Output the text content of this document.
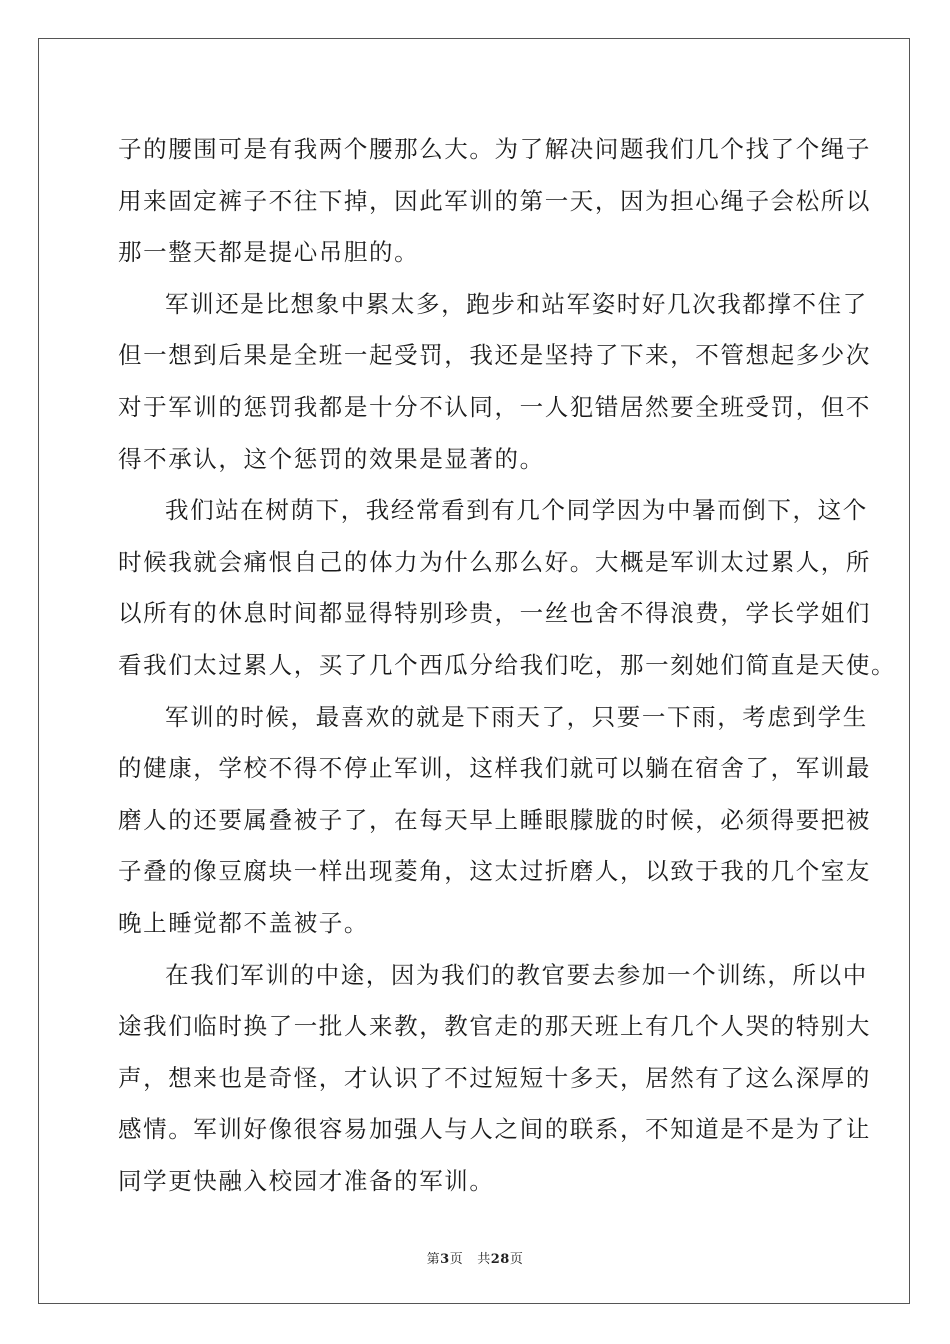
子的腰围可是有我两个腰那么大。为了解决问题我们几个找了个绳子
用来固定裤子不往下掉，因此军训的第一天，因为担心绳子会松所以
那一整天都是提心吊胆的。
军训还是比想象中累太多，跑步和站军姿时好几次我都撑不住了
但一想到后果是全班一起受罚，我还是坚持了下来，不管想起多少次
对于军训的惩罚我都是十分不认同，一人犯错居然要全班受罚，但不
得不承认，这个惩罚的效果是显著的。
我们站在树荫下，我经常看到有几个同学因为中暑而倒下，这个
时候我就会痛恨自己的体力为什么那么好。大概是军训太过累人，所
以所有的休息时间都显得特别珍贵，一丝也舍不得浪费，学长学姐们
看我们太过累人，买了几个西瓜分给我们吃，那一刻她们简直是天使。
军训的时候，最喜欢的就是下雨天了，只要一下雨，考虑到学生
的健康，学校不得不停止军训，这样我们就可以躺在宿舍了，军训最
磨人的还要属叠被子了，在每天早上睡眼朦胧的时候，必须得要把被
子叠的像豆腐块一样出现菱角，这太过折磨人，以致于我的几个室友
晚上睡觉都不盖被子。
在我们军训的中途，因为我们的教官要去参加一个训练，所以中
途我们临时换了一批人来教，教官走的那天班上有几个人哭的特别大
声，想来也是奇怪，才认识了不过短短十多天，居然有了这么深厚的
感情。军训好像很容易加强人与人之间的联系，不知道是不是为了让
同学更快融入校园才准备的军训。
第3页 共28页
